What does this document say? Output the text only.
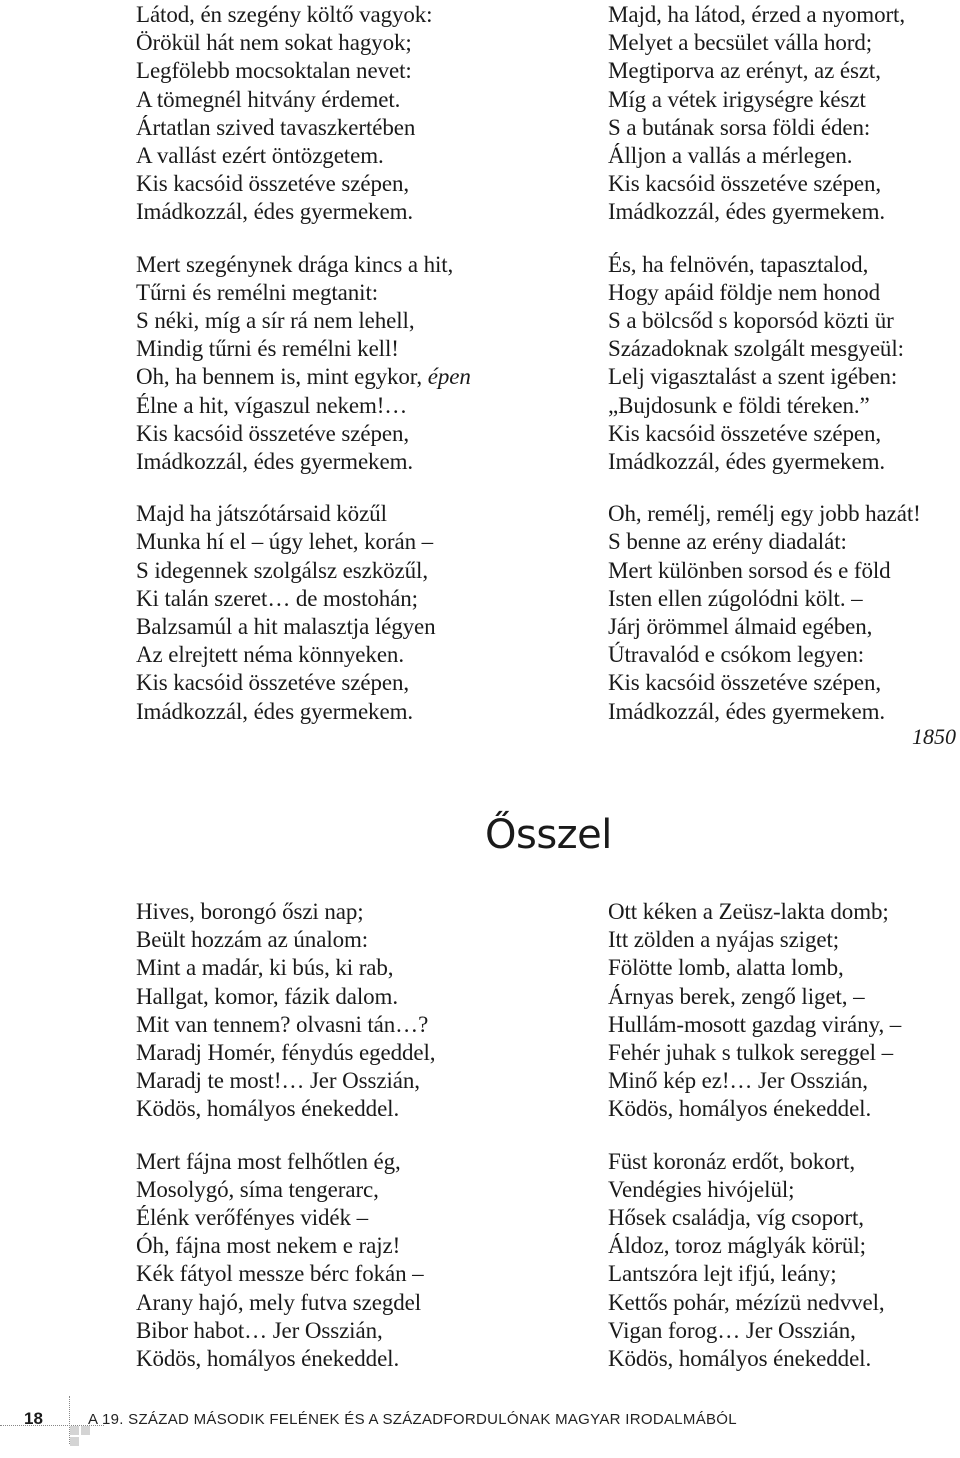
Látod, én szegény költő vagyok:
Örökül hát nem sokat hagyok;
Legfölebb mocsoktalan nevet:
A tömegnél hitvány érdemet.
Ártatlan szived tavaszkertében
A vallást ezért öntözgetem.
Kis kacsóid összetéve szépen,
Imádkozzál, édes gyermekem.
Mert szegénynek drága kincs a hit,
Tűrni és remélni megtanit:
S néki, míg a sír rá nem lehell,
Mindig tűrni és remélni kell!
Oh, ha bennem is, mint egykor, épen
Élne a hit, vígaszul nekem!…
Kis kacsóid összetéve szépen,
Imádkozzál, édes gyermekem.
Majd ha játszótársaid közűl
Munka hí el – úgy lehet, korán –
S idegennek szolgálsz eszközűl,
Ki talán szeret… de mostohán;
Balzsamúl a hit malasztja légyen
Az elrejtett néma könnyeken.
Kis kacsóid összetéve szépen,
Imádkozzál, édes gyermekem.
Majd, ha látod, érzed a nyomort,
Melyet a becsület válla hord;
Megtiporva az erényt, az észt,
Míg a vétek irigységre készt
S a butának sorsa földi éden:
Álljon a vallás a mérlegen.
Kis kacsóid összetéve szépen,
Imádkozzál, édes gyermekem.
És, ha felnövén, tapasztalod,
Hogy apáid földje nem honod
S a bölcsőd s koporsód közti ür
Századoknak szolgált mesgyeül:
Lelj vigasztalást a szent igében:
„Bujdosunk e földi téreken.”
Kis kacsóid összetéve szépen,
Imádkozzál, édes gyermekem.
Oh, remélj, remélj egy jobb hazát!
S benne az erény diadalát:
Mert különben sorsod és e föld
Isten ellen zúgolódni költ. –
Járj örömmel álmaid egében,
Útravalód e csókom legyen:
Kis kacsóid összetéve szépen,
Imádkozzál, édes gyermekem.
1850
Ősszel
Hives, borongó őszi nap;
Beült hozzám az únalom:
Mint a madár, ki bús, ki rab,
Hallgat, komor, fázik dalom.
Mit van tennem? olvasni tán…?
Maradj Homér, fénydús egeddel,
Maradj te most!… Jer Osszián,
Ködös, homályos énekeddel.
Mert fájna most felhőtlen ég,
Mosolygó, síma tengerarc,
Élénk verőfényes vidék –
Óh, fájna most nekem e rajz!
Kék fátyol messze bérc fokán –
Arany hajó, mely futva szegdel
Bibor habot… Jer Osszián,
Ködös, homályos énekeddel.
Ott kéken a Zeüsz-lakta domb;
Itt zölden a nyájas sziget;
Fölötte lomb, alatta lomb,
Árnyas berek, zengő liget, –
Hullám-mosott gazdag virány, –
Fehér juhak s tulkok sereggel –
Minő kép ez!… Jer Osszián,
Ködös, homályos énekeddel.
Füst koronáz erdőt, bokort,
Vendégies hivójelül;
Hősek családja, víg csoport,
Áldoz, toroz máglyák körül;
Lantszóra lejt ifjú, leány;
Kettős pohár, mézízü nedvvel,
Vigan forog… Jer Osszián,
Ködös, homályos énekeddel.
18	A 19. SZÁZAD MÁSODIK FELÉNEK ÉS A SZÁZADFORDULÓNAK MAGYAR IRODALMÁBÓL
